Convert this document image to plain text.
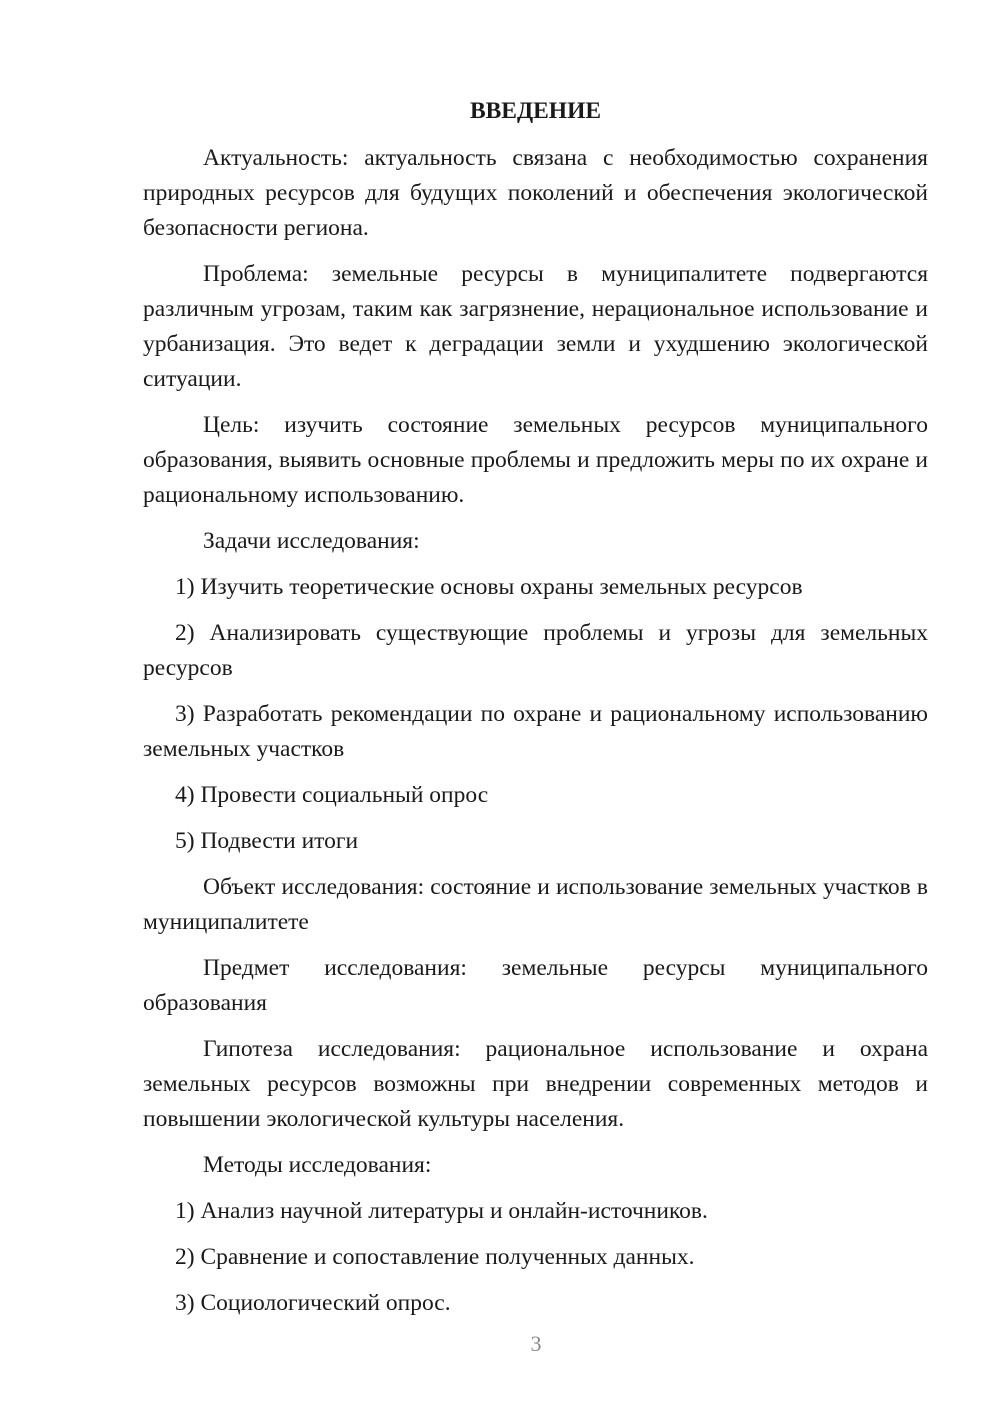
ВВЕДЕНИЕ

Актуальность: актуальность связана с необходимостью сохранения природных ресурсов для будущих поколений и обеспечения экологической безопасности региона.

Проблема: земельные ресурсы в муниципалитете подвергаются различным угрозам, таким как загрязнение, нерациональное использование и урбанизация. Это ведет к деградации земли и ухудшению экологической ситуации.

Цель: изучить состояние земельных ресурсов муниципального образования, выявить основные проблемы и предложить меры по их охране и рациональному использованию.

Задачи исследования:

1) Изучить теоретические основы охраны земельных ресурсов

2) Анализировать существующие проблемы и угрозы для земельных ресурсов

3) Разработать рекомендации по охране и рациональному использованию земельных участков

4) Провести социальный опрос

5) Подвести итоги

Объект исследования: состояние и использование земельных участков в муниципалитете

Предмет исследования: земельные ресурсы муниципального образования

Гипотеза исследования: рациональное использование и охрана земельных ресурсов возможны при внедрении современных методов и повышении экологической культуры населения.

Методы исследования:

1) Анализ научной литературы и онлайн-источников.

2) Сравнение и сопоставление полученных данных.

3) Социологический опрос.

3
